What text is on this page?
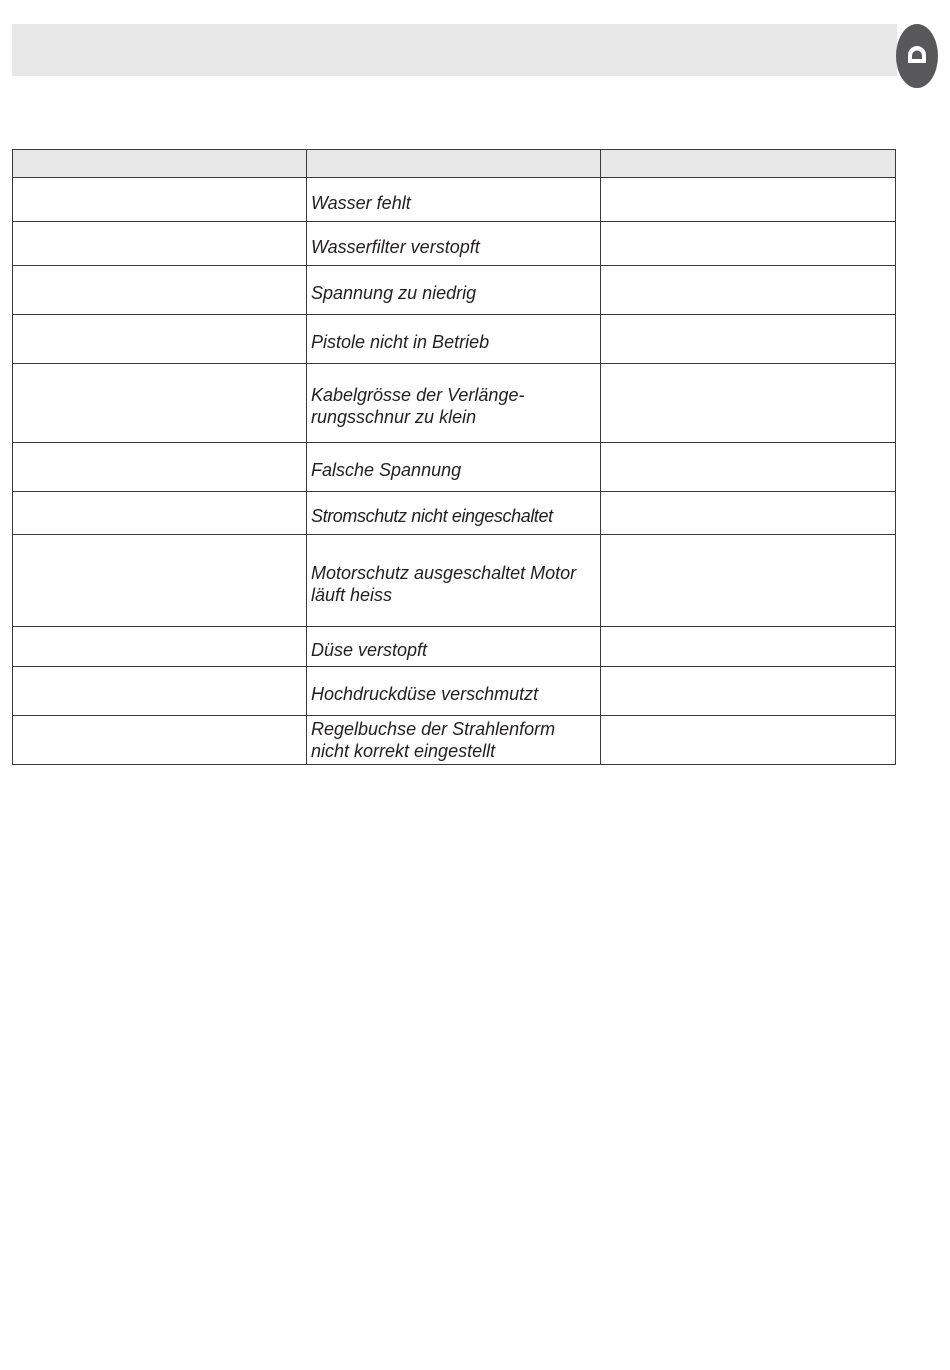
	Wasser fehlt	
	Wasserfilter verstopft	
	Spannung zu niedrig	
	Pistole nicht in Betrieb	
	Kabelgrösse der Verlänge-
rungsschnur zu klein	
	Falsche Spannung	
	Stromschutz nicht eingeschaltet	
	Motorschutz ausgeschaltet Motor
läuft heiss	
	Düse verstopft	
	Hochdruckdüse verschmutzt	
	Regelbuchse der Strahlenform
nicht korrekt eingestellt	
